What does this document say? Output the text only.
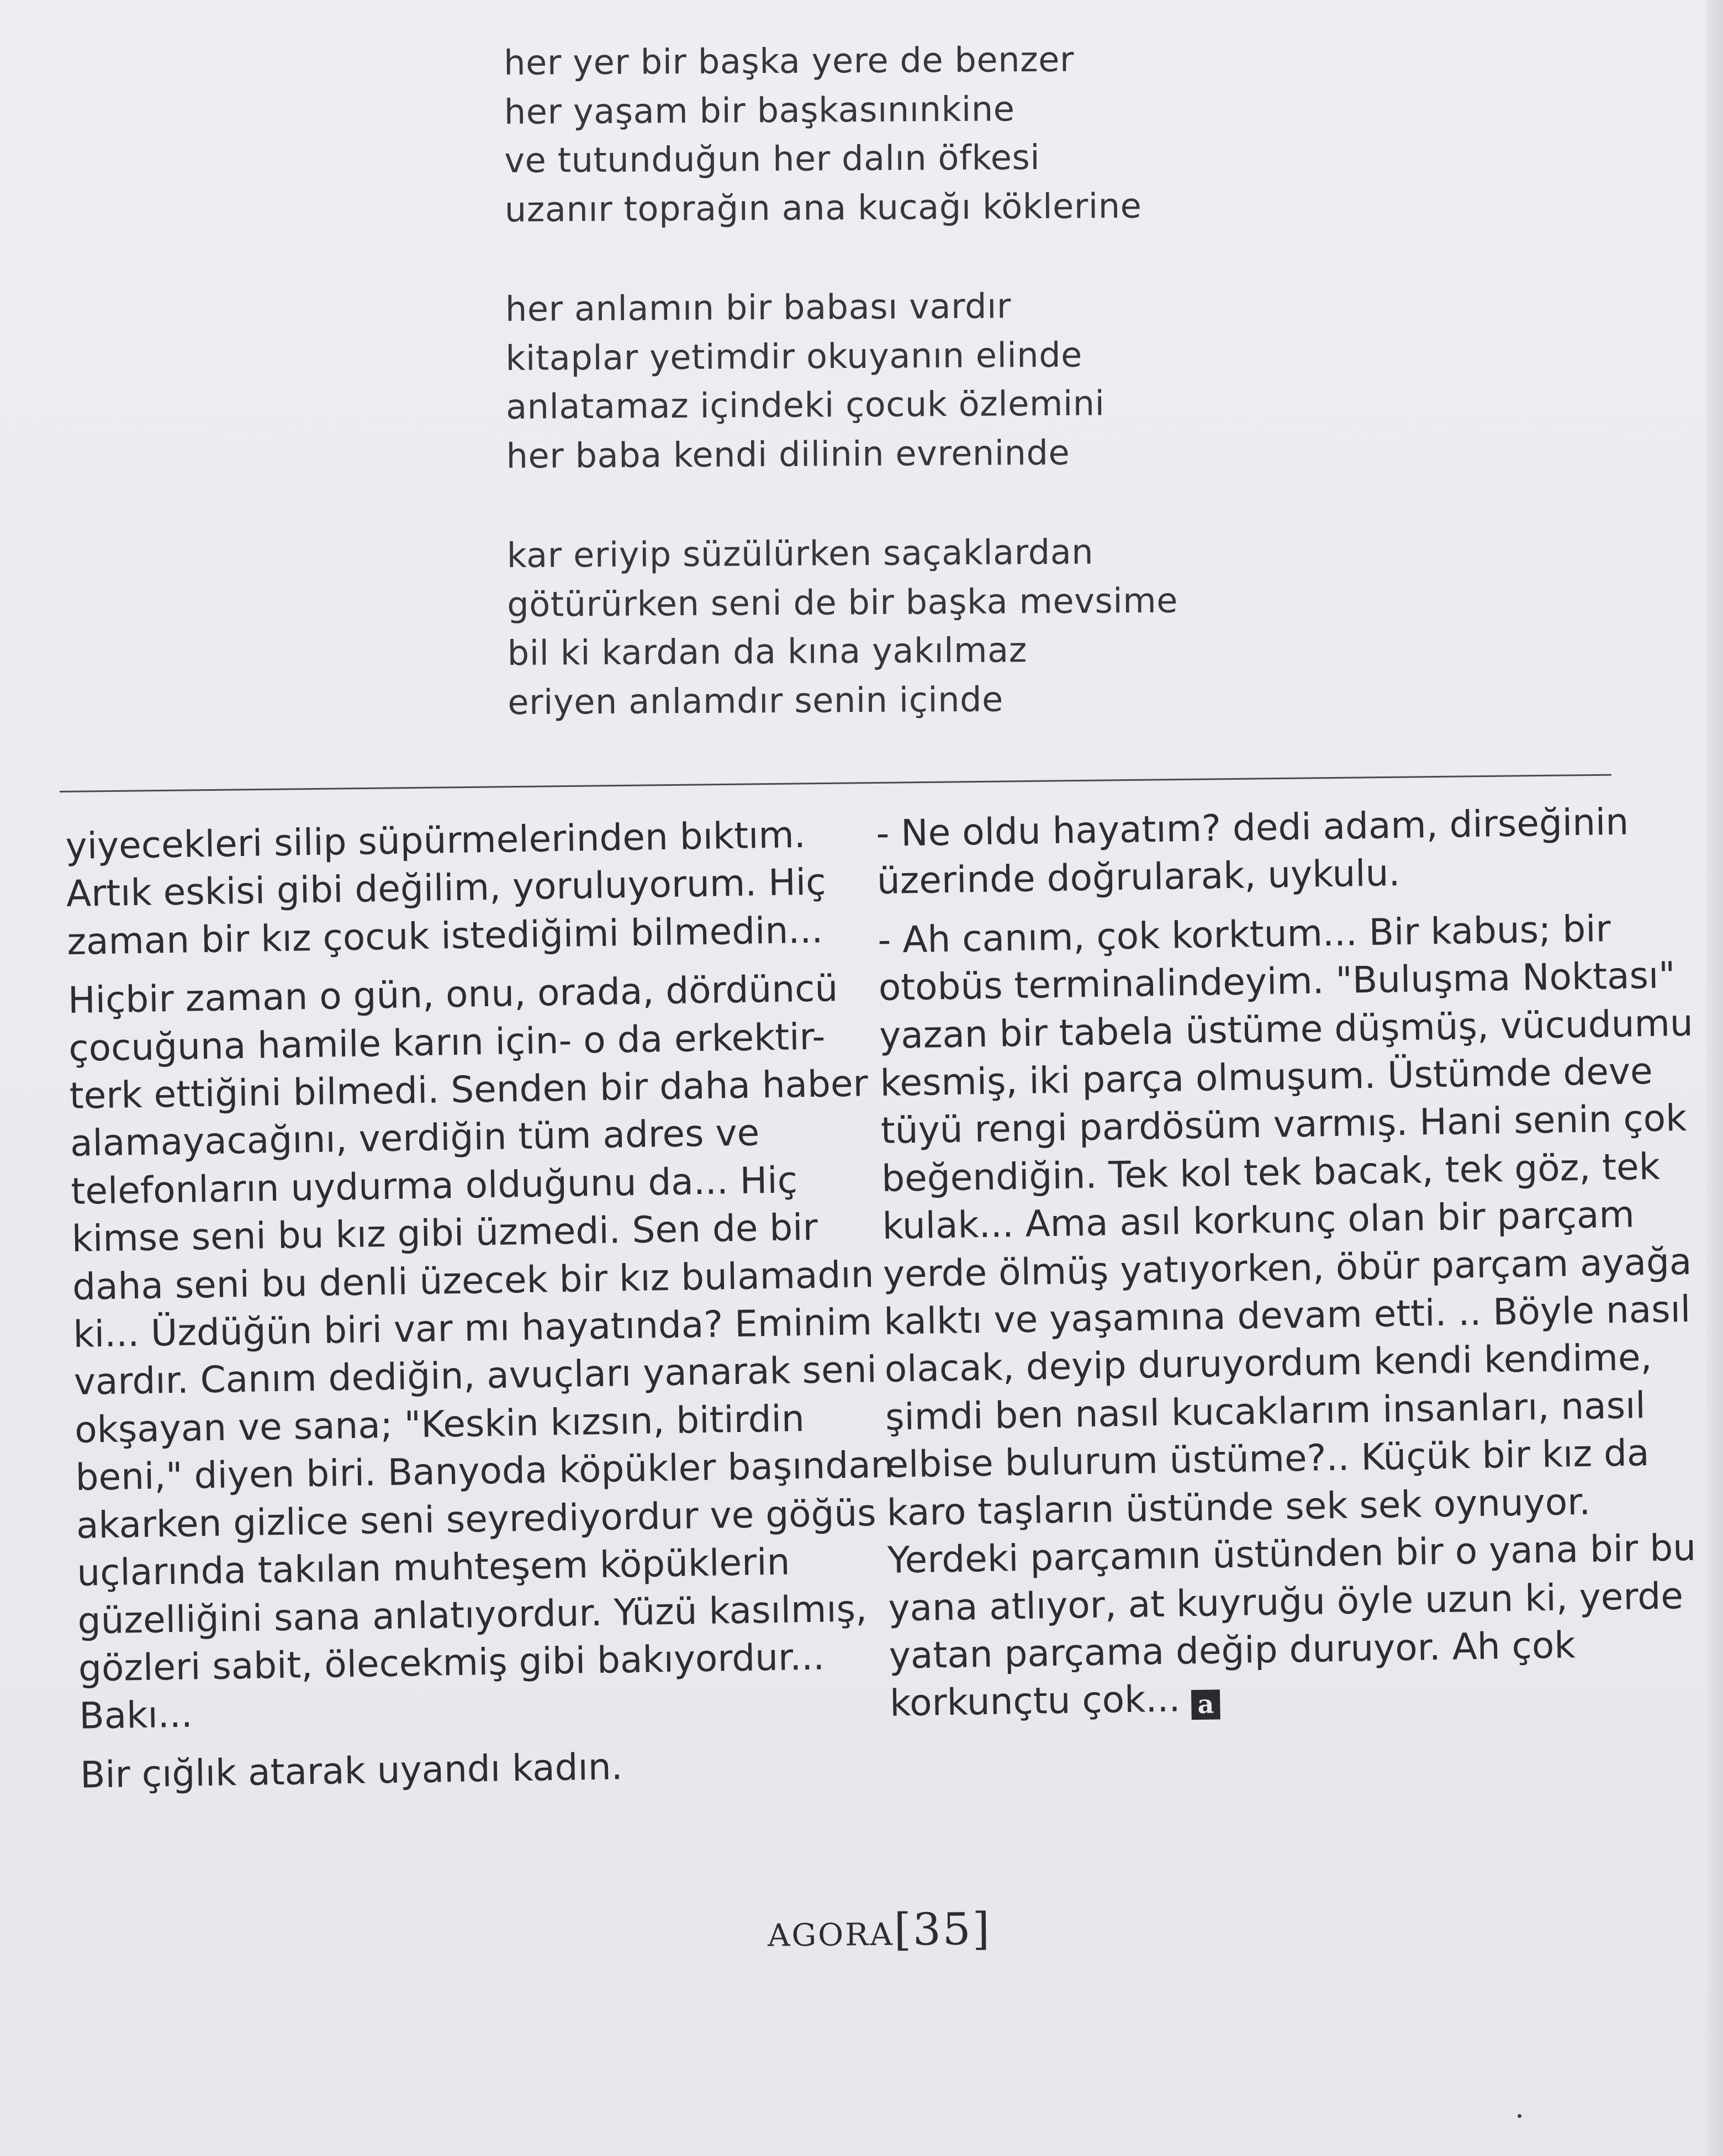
her yer bir başka yere de benzer
her yaşam bir başkasınınkine
ve tutunduğun her dalın öfkesi
uzanır toprağın ana kucağı köklerine
her anlamın bir babası vardır
kitaplar yetimdir okuyanın elinde
anlatamaz içindeki çocuk özlemini
her baba kendi dilinin evreninde
kar eriyip süzülürken saçaklardan
götürürken seni de bir başka mevsime
bil ki kardan da kına yakılmaz
eriyen anlamdır senin içinde
yiyecekleri silip süpürmelerinden bıktım.
Artık eskisi gibi değilim, yoruluyorum. Hiç
zaman bir kız çocuk istediğimi bilmedin...
Hiçbir zaman o gün, onu, orada, dördüncü
çocuğuna hamile karın için- o da erkektir-
terk ettiğini bilmedi. Senden bir daha haber
alamayacağını, verdiğin tüm adres ve
telefonların uydurma olduğunu da... Hiç
kimse seni bu kız gibi üzmedi. Sen de bir
daha seni bu denli üzecek bir kız bulamadın
ki... Üzdüğün biri var mı hayatında? Eminim
vardır. Canım dediğin, avuçları yanarak seni
okşayan ve sana; "Keskin kızsın, bitirdin
beni," diyen biri. Banyoda köpükler başından
akarken gizlice seni seyrediyordur ve göğüs
uçlarında takılan muhteşem köpüklerin
güzelliğini sana anlatıyordur. Yüzü kasılmış,
gözleri sabit, ölecekmiş gibi bakıyordur...
Bakı...
Bir çığlık atarak uyandı kadın.
- Ne oldu hayatım? dedi adam, dirseğinin
üzerinde doğrularak, uykulu.
- Ah canım, çok korktum... Bir kabus; bir
otobüs terminalindeyim. "Buluşma Noktası"
yazan bir tabela üstüme düşmüş, vücudumu
kesmiş, iki parça olmuşum. Üstümde deve
tüyü rengi pardösüm varmış. Hani senin çok
beğendiğin. Tek kol tek bacak, tek göz, tek
kulak... Ama asıl korkunç olan bir parçam
yerde ölmüş yatıyorken, öbür parçam ayağa
kalktı ve yaşamına devam etti. .. Böyle nasıl
olacak, deyip duruyordum kendi kendime,
şimdi ben nasıl kucaklarım insanları, nasıl
elbise bulurum üstüme?.. Küçük bir kız da
karo taşların üstünde sek sek oynuyor.
Yerdeki parçamın üstünden bir o yana bir bu
yana atlıyor, at kuyruğu öyle uzun ki, yerde
yatan parçama değip duruyor. Ah çok
korkunçtu çok... a
agora[35]
